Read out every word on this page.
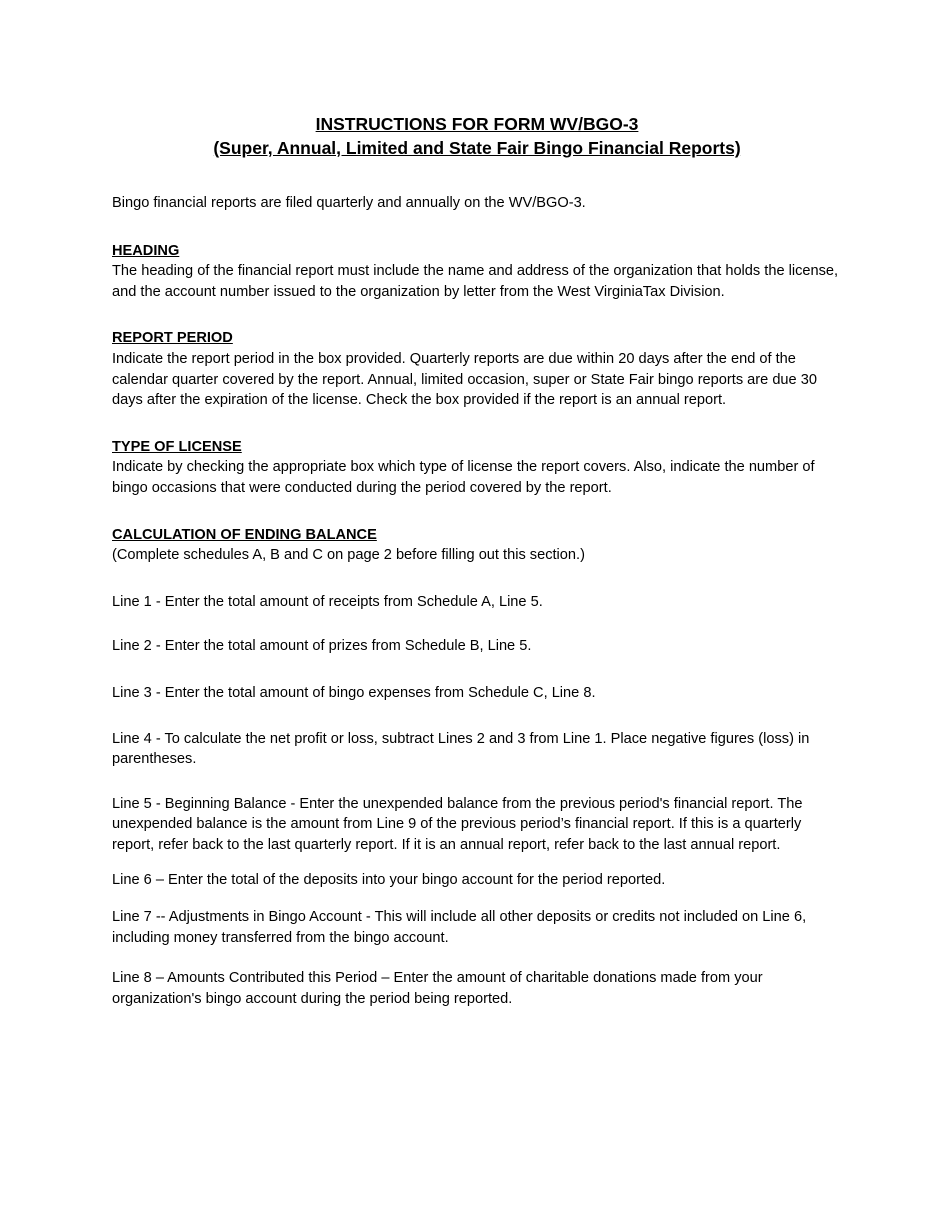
INSTRUCTIONS FOR FORM WV/BGO-3

(Super, Annual, Limited and State Fair Bingo Financial Reports)

Bingo financial reports are filed quarterly and annually on the WV/BGO-3.

HEADING

The heading of the financial report must include the name and address of the organization that holds the license, and the account number issued to the organization by letter from the West VirginiaTax Division.

REPORT PERIOD

Indicate the report period in the box provided. Quarterly reports are due within 20 days after the end of the calendar quarter covered by the report. Annual, limited occasion, super or State Fair bingo reports are due 30 days after the expiration of the license. Check the box provided if the report is an annual report.

TYPE OF LICENSE

Indicate by checking the appropriate box which type of license the report covers. Also, indicate the number of bingo occasions that were conducted during the period covered by the report.

CALCULATION OF ENDING BALANCE

(Complete schedules A, B and C on page 2 before filling out this section.)

Line 1 - Enter the total amount of receipts from Schedule A, Line 5.

Line 2 - Enter the total amount of prizes from Schedule B, Line 5.

Line 3 - Enter the total amount of bingo expenses from Schedule C, Line 8.

Line 4 - To calculate the net profit or loss, subtract Lines 2 and 3 from Line 1. Place negative figures (loss) in parentheses.

Line 5 - Beginning Balance - Enter the unexpended balance from the previous period's financial report. The unexpended balance is the amount from Line 9 of the previous period’s financial report. If this is a quarterly report, refer back to the last quarterly report. If it is an annual report, refer back to the last annual report.

Line 6 – Enter the total of the deposits into your bingo account for the period reported.

Line 7 -- Adjustments in Bingo Account - This will include all other deposits or credits not included on Line 6, including money transferred from the bingo account.

Line 8 – Amounts Contributed this Period – Enter the amount of charitable donations made from your organization's bingo account during the period being reported.
